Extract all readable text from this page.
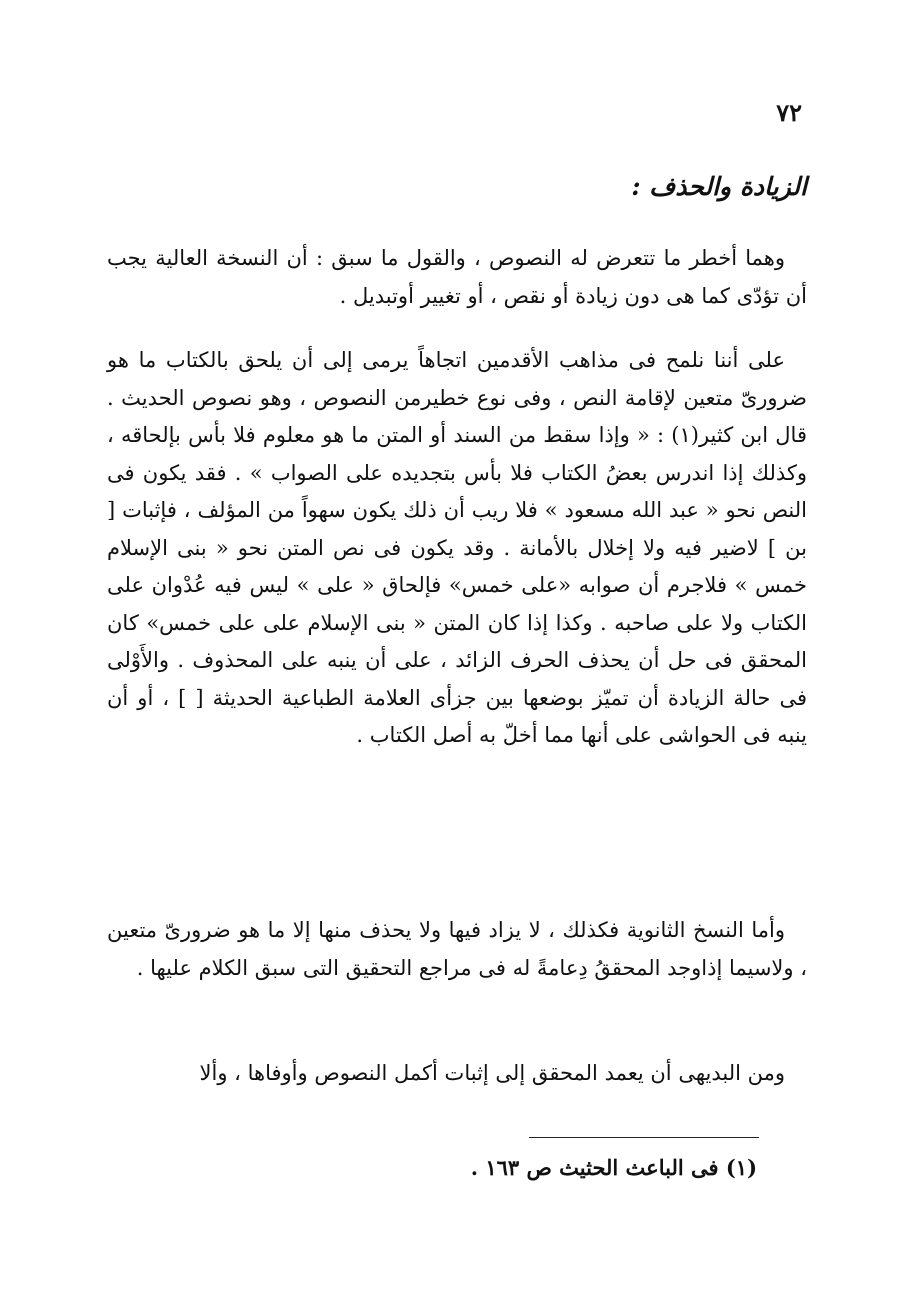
٧٢
الزيادة والحذف :

وهما أخطر ما تتعرض له النصوص ، والقول ما سبق : أن النسخة العالية يجب أن تؤدّى كما هى دون زيادة أو نقص ، أو تغيير أوتبديل .

على أننا نلمح فى مذاهب الأقدمين اتجاهاً يرمى إلى أن يلحق بالكتاب ما هو ضرورىّ متعين لإقامة النص ، وفى نوع خطيرمن النصوص ، وهو نصوص الحديث . قال ابن كثير(١) : « وإذا سقط من السند أو المتن ما هو معلوم فلا بأس بإلحاقه ، وكذلك إذا اندرس بعضُ الكتاب فلا بأس بتجديده على الصواب » . فقد يكون فى النص نحو « عبد الله مسعود » فلا ريب أن ذلك يكون سهواً من المؤلف ، فإثبات [ بن ] لاضير فيه ولا إخلال بالأمانة . وقد يكون فى نص المتن نحو « بنى الإسلام خمس » فلاجرم أن صوابه «على خمس» فإلحاق « على » ليس فيه عُدْوان على الكتاب ولا على صاحبه . وكذا إذا كان المتن « بنى الإسلام على على خمس» كان المحقق فى حل أن يحذف الحرف الزائد ، على أن ينبه على المحذوف . والأَوْلى فى حالة الزيادة أن تميّز بوضعها بين جزأى العلامة الطباعية الحديثة [ ] ، أو أن ينبه فى الحواشى على أنها مما أخلّ به أصل الكتاب .

وأما النسخ الثانوية فكذلك ، لا يزاد فيها ولا يحذف منها إلا ما هو ضرورىّ متعين ، ولاسيما إذاوجد المحققُ دِعامةً له فى مراجع التحقيق التى سبق الكلام عليها .

ومن البديهى أن يعمد المحقق إلى إثبات أكمل النصوص وأوفاها ، وألا

(١) فى الباعث الحثيث ص ١٦٣ .
